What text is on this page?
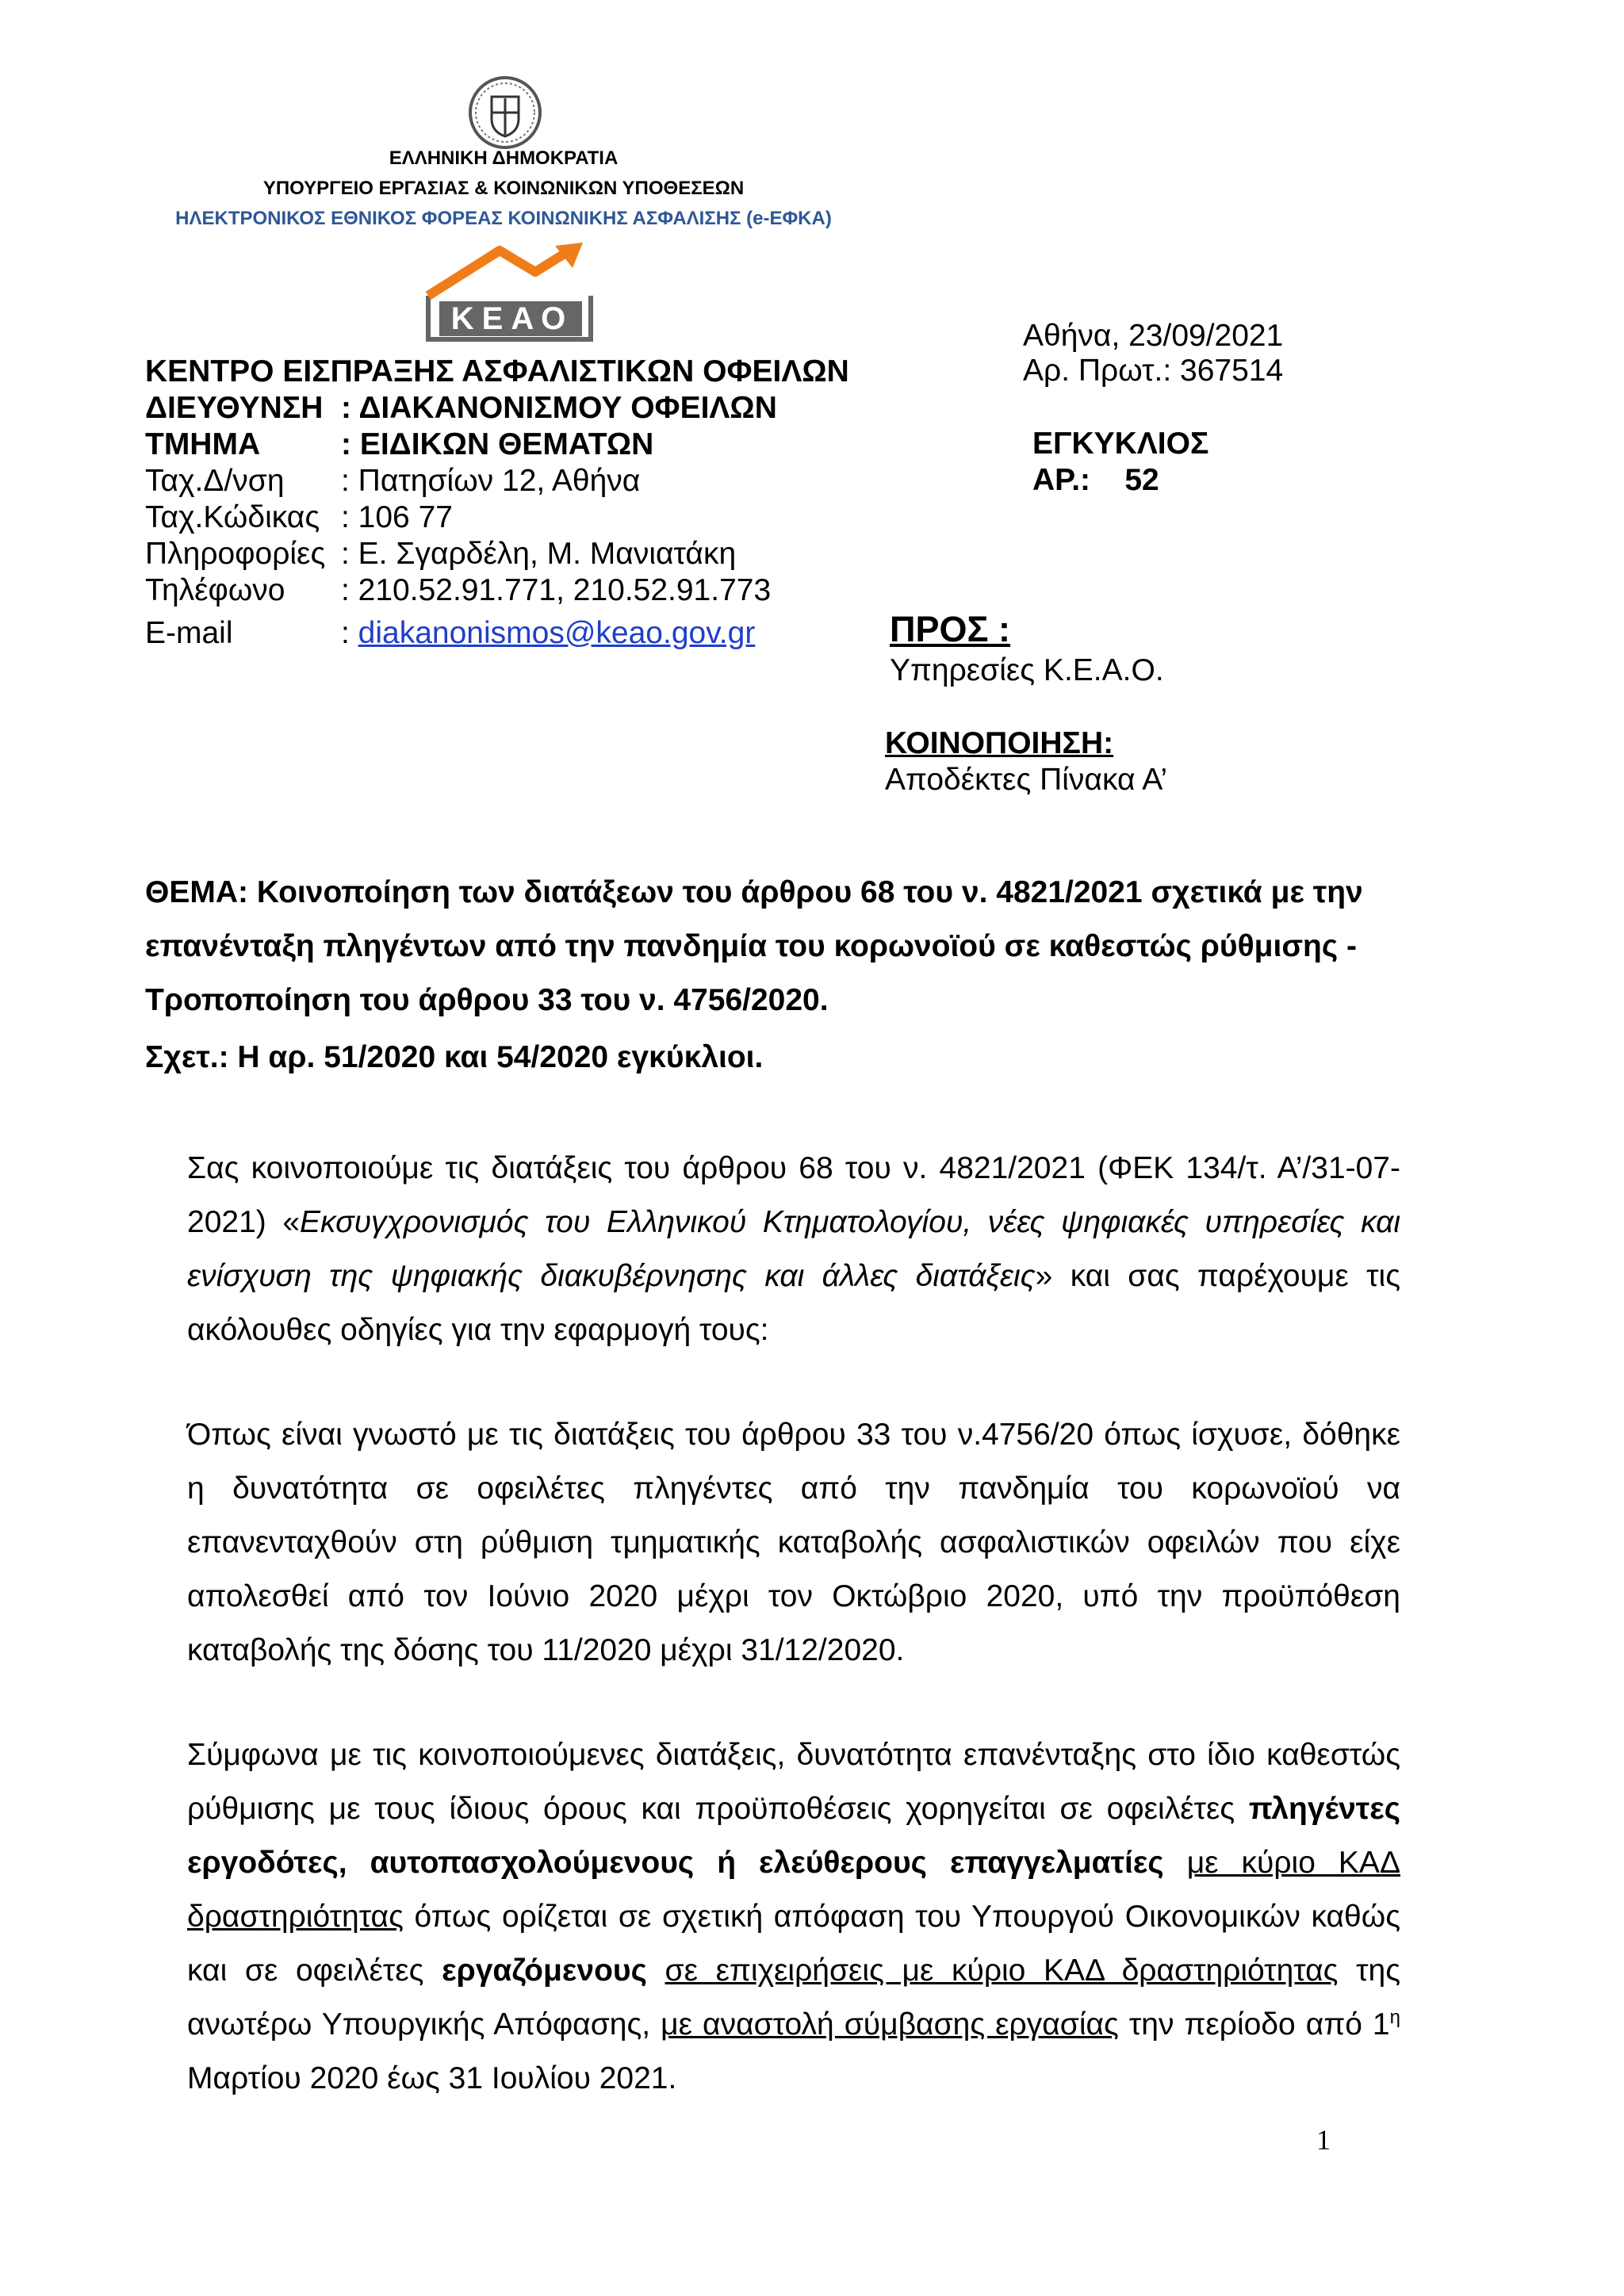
ΕΛΛΗΝΙΚΗ ΔΗΜΟΚΡΑΤΙΑ
ΥΠΟΥΡΓΕΙΟ ΕΡΓΑΣΙΑΣ & ΚΟΙΝΩΝΙΚΩΝ ΥΠΟΘΕΣΕΩΝ
ΗΛΕΚΤΡΟΝΙΚΟΣ ΕΘΝΙΚΟΣ ΦΟΡΕΑΣ ΚΟΙΝΩΝΙΚΗΣ ΑΣΦΑΛΙΣΗΣ (e-ΕΦΚΑ)
ΚΕΑΟ	Αθήνα, 23/09/2021
Αρ. Πρωτ.: 367514
ΕΓΚΥΚΛΙΟΣ
ΑΡ.:    52
ΚΕΝΤΡΟ ΕΙΣΠΡΑΞΗΣ ΑΣΦΑΛΙΣΤΙΚΩΝ ΟΦΕΙΛΩΝ
ΔΙΕΥΘΥΝΣΗ : ΔΙΑΚΑΝΟΝΙΣΜΟΥ ΟΦΕΙΛΩΝ
ΤΜΗΜΑ	: ΕΙΔΙΚΩΝ ΘΕΜΑΤΩΝ
Ταχ.Δ/νση : Πατησίων 12, Αθήνα
Ταχ.Κώδικας : 106 77
Πληροφορίες : Ε. Σγαρδέλη, Μ. Μανιατάκη
Τηλέφωνο : 210.52.91.771, 210.52.91.773
E-mail	: diakanonismos@keao.gov.gr	ΠΡΟΣ :
Υπηρεσίες Κ.Ε.Α.Ο.
ΚΟΙΝΟΠΟΙΗΣΗ:
Αποδέκτες Πίνακα Α’
ΘΕΜΑ: Κοινοποίηση των διατάξεων του άρθρου 68 του ν. 4821/2021 σχετικά με την επανένταξη πληγέντων από την πανδημία του κορωνοϊού σε καθεστώς ρύθμισης - Τροποποίηση του άρθρου 33 του ν. 4756/2020.
Σχετ.: Η αρ. 51/2020 και 54/2020 εγκύκλιοι.
Σας κοινοποιούμε τις διατάξεις του άρθρου 68 του ν. 4821/2021 (ΦΕΚ 134/τ. Α’/31-07-2021) «Εκσυγχρονισμός του Ελληνικού Κτηματολογίου, νέες ψηφιακές υπηρεσίες και ενίσχυση της ψηφιακής διακυβέρνησης και άλλες διατάξεις» και σας παρέχουμε τις ακόλουθες οδηγίες για την εφαρμογή τους:
Όπως είναι γνωστό με τις διατάξεις του άρθρου 33 του ν.4756/20 όπως ίσχυσε, δόθηκε η δυνατότητα σε οφειλέτες πληγέντες από την πανδημία του κορωνοϊού να επανενταχθούν στη ρύθμιση τμηματικής καταβολής ασφαλιστικών οφειλών που είχε απολεσθεί από τον Ιούνιο 2020 μέχρι τον Οκτώβριο 2020, υπό την προϋπόθεση καταβολής της δόσης του 11/2020 μέχρι 31/12/2020.
Σύμφωνα με τις κοινοποιούμενες διατάξεις, δυνατότητα επανένταξης στο ίδιο καθεστώς ρύθμισης με τους ίδιους όρους και προϋποθέσεις χορηγείται σε οφειλέτες πληγέντες εργοδότες, αυτοπασχολούμενους ή ελεύθερους επαγγελματίες με κύριο ΚΑΔ δραστηριότητας όπως ορίζεται σε σχετική απόφαση του Υπουργού Οικονομικών καθώς και σε οφειλέτες εργαζόμενους σε επιχειρήσεις με κύριο ΚΑΔ δραστηριότητας της ανωτέρω Υπουργικής Απόφασης, με αναστολή σύμβασης εργασίας την περίοδο από $1^\eta$ Μαρτίου 2020 έως 31 Ιουλίου 2021.
1
